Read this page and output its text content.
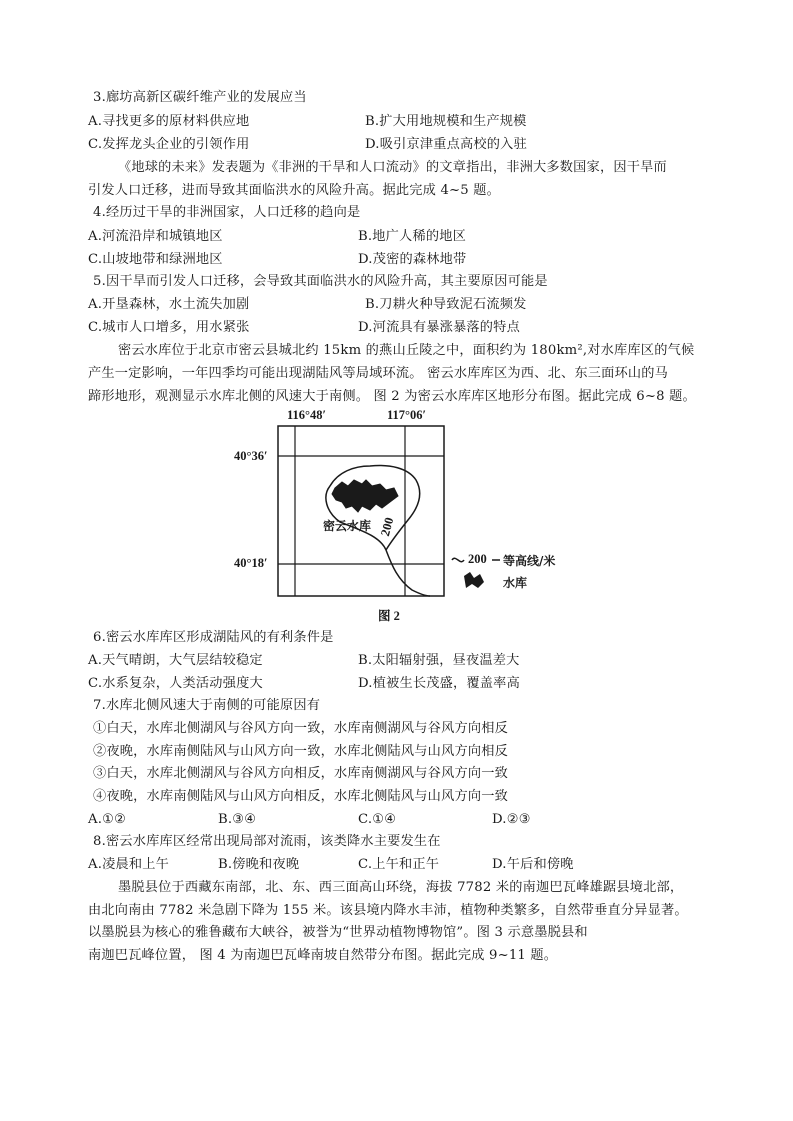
3.廊坊高新区碳纤维产业的发展应当
A.寻找更多的原材料供应地	B.扩大用地规模和生产规模
C.发挥龙头企业的引领作用	D.吸引京津重点高校的入驻
《地球的未来》发表题为《非洲的干旱和人口流动》的文章指出，非洲大多数国家，因干旱而
引发人口迁移，进而导致其面临洪水的风险升高。据此完成 4~5 题。
4.经历过干旱的非洲国家，人口迁移的趋向是
A.河流沿岸和城镇地区	B.地广人稀的地区
C.山坡地带和绿洲地区	D.茂密的森林地带
5.因干旱而引发人口迁移，会导致其面临洪水的风险升高，其主要原因可能是
A.开垦森林，水土流失加剧	B.刀耕火种导致泥石流频发
C.城市人口增多，用水紧张	D.河流具有暴涨暴落的特点
密云水库位于北京市密云县城北约 15km 的燕山丘陵之中，面积约为 180km²,对水库库区的气候
产生一定影响，一年四季均可能出现湖陆风等局域环流。 密云水库库区为西、北、东三面环山的马
蹄形地形，观测显示水库北侧的风速大于南侧。 图 2 为密云水库库区地形分布图。据此完成 6~8 题。
116°48′	117°06′
40°36′
40°18′
密云水库 200
200 等高线/米
水库
图 2
6.密云水库库区形成湖陆风的有利条件是
A.天气晴朗，大气层结较稳定	B.太阳辐射强，昼夜温差大
C.水系复杂，人类活动强度大	D.植被生长茂盛，覆盖率高
7.水库北侧风速大于南侧的可能原因有
①白天，水库北侧湖风与谷风方向一致，水库南侧湖风与谷风方向相反
②夜晚，水库南侧陆风与山风方向一致，水库北侧陆风与山风方向相反
③白天，水库北侧湖风与谷风方向相反，水库南侧湖风与谷风方向一致
④夜晚，水库南侧陆风与山风方向相反，水库北侧陆风与山风方向一致
A.①②	B.③④	C.①④	D.②③
8.密云水库库区经常出现局部对流雨，该类降水主要发生在
A.凌晨和上午	B.傍晚和夜晚	C.上午和正午	D.午后和傍晚
墨脱县位于西藏东南部，北、东、西三面高山环绕，海拔 7782 米的南迦巴瓦峰雄踞县境北部，
由北向南由 7782 米急剧下降为 155 米。该县境内降水丰沛，植物种类繁多，自然带垂直分异显著。
以墨脱县为核心的雅鲁藏布大峡谷，被誉为“世界动植物博物馆”。图 3 示意墨脱县和
南迦巴瓦峰位置， 图 4 为南迦巴瓦峰南坡自然带分布图。据此完成 9~11 题。
